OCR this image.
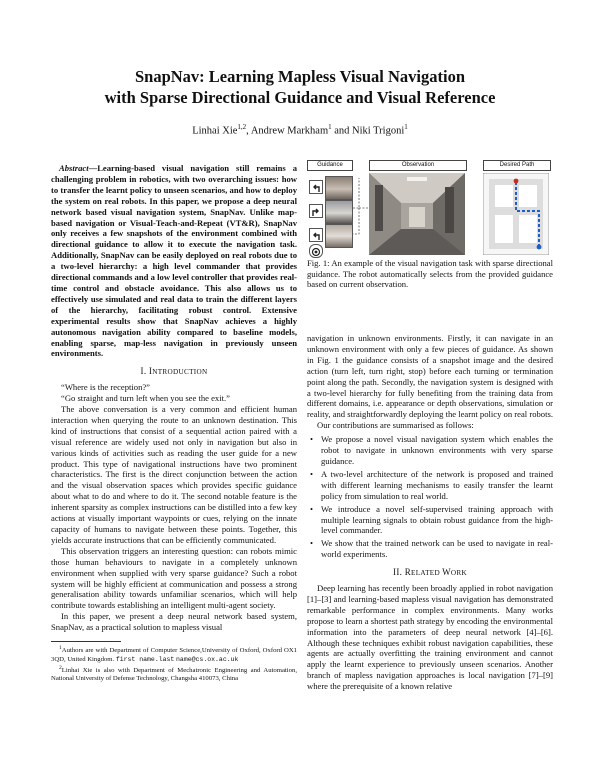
SnapNav: Learning Mapless Visual Navigation
with Sparse Directional Guidance and Visual Reference
Linhai Xie$^{1,2}$, Andrew Markham$^1$ and Niki Trigoni$^1$

Abstract—Learning-based visual navigation still remains a challenging problem in robotics, with two overarching issues: how to transfer the learnt policy to unseen scenarios, and how to deploy the system on real robots. In this paper, we propose a deep neural network based visual navigation system, SnapNav. Unlike map-based navigation or Visual-Teach-and-Repeat (VT&R), SnapNav only receives a few snapshots of the environment combined with directional guidance to allow it to execute the navigation task. Additionally, SnapNav can be easily deployed on real robots due to a two-level hierarchy: a high level commander that provides directional commands and a low level controller that provides real-time control and obstacle avoidance. This also allows us to effectively use simulated and real data to train the different layers of the hierarchy, facilitating robust control. Extensive experimental results show that SnapNav achieves a highly autonomous navigation ability compared to baseline models, enabling sparse, map-less navigation in previously unseen environments.

I. INTRODUCTION

“Where is the reception?”

“Go straight and turn left when you see the exit.”

The above conversation is a very common and efficient human interaction when querying the route to an unknown destination. This kind of instructions that consist of a sequential action paired with a visual reference are widely used not only in navigation but also in various kinds of activities such as reading the user guide for a new product. This type of navigational instructions have two prominent characteristics. The first is the direct conjunction between the action and the visual observation spaces which provides specific guidance about what to do and where to do it. The second notable feature is the inherent sparsity as complex instructions can be distilled into a few key actions at visually important waypoints or cues, relying on the innate capacity of humans to navigate between these points. Together, this yields accurate instructions that can be efficiently communicated.

This observation triggers an interesting question: can robots mimic those human behaviours to navigate in a completely unknown environment when supplied with very sparse guidance? Such a robot system will be highly efficient at communication and possess a strong generalisation ability towards unfamiliar scenarios, which will help contribute towards establishing an intelligent multi-agent society.

In this paper, we present a deep neural network based system, SnapNav, as a practical solution to mapless visual

$^1$Authors are with Department of Computer Science,University of Oxford, Oxford OX1 3QD, United Kingdom. first name.last name@cs.ox.ac.uk

$^2$Linhai Xie is also with Department of Mechatronic Engineering and Automation, National University of Defense Technology, Changsha 410073, China

Guidance	Observation	Desired Path
Fig. 1: An example of the visual navigation task with sparse directional guidance. The robot automatically selects from the provided guidance based on current observation.

navigation in unknown environments. Firstly, it can navigate in an unknown environment with only a few pieces of guidance. As shown in Fig. 1 the guidance consists of a snapshot image and the desired action (turn left, turn right, stop) before each turning or termination point along the path. Secondly, the navigation system is designed with a two-level hierarchy for fully benefiting from the training data from different domains, i.e. appearance or depth observations, simulation or reality, and straightforwardly deploying the learnt policy on real robots.

Our contributions are summarised as follows:

• We propose a novel visual navigation system which enables the robot to navigate in unknown environments with very sparse guidance.
• A two-level architecture of the network is proposed and trained with different learning mechanisms to easily transfer the learnt policy from simulation to real world.
• We introduce a novel self-supervised training approach with multiple learning signals to obtain robust guidance from the high-level commander.
• We show that the trained network can be used to navigate in real-world experiments.
II. RELATED WORK

Deep learning has recently been broadly applied in robot navigation [1]–[3] and learning-based mapless visual navigation has demonstrated remarkable performance in complex environments. Many works propose to learn a shortest path strategy by encoding the environmental information into the parameters of deep neural network [4]–[6]. Although these techniques exhibit robust navigation capabilities, these agents are actually overfitting the training environment and cannot apply the learnt experience to previously unseen scenarios. Another branch of mapless navigation approaches is local navigation [7]–[9] where the prerequisite of a known relative
